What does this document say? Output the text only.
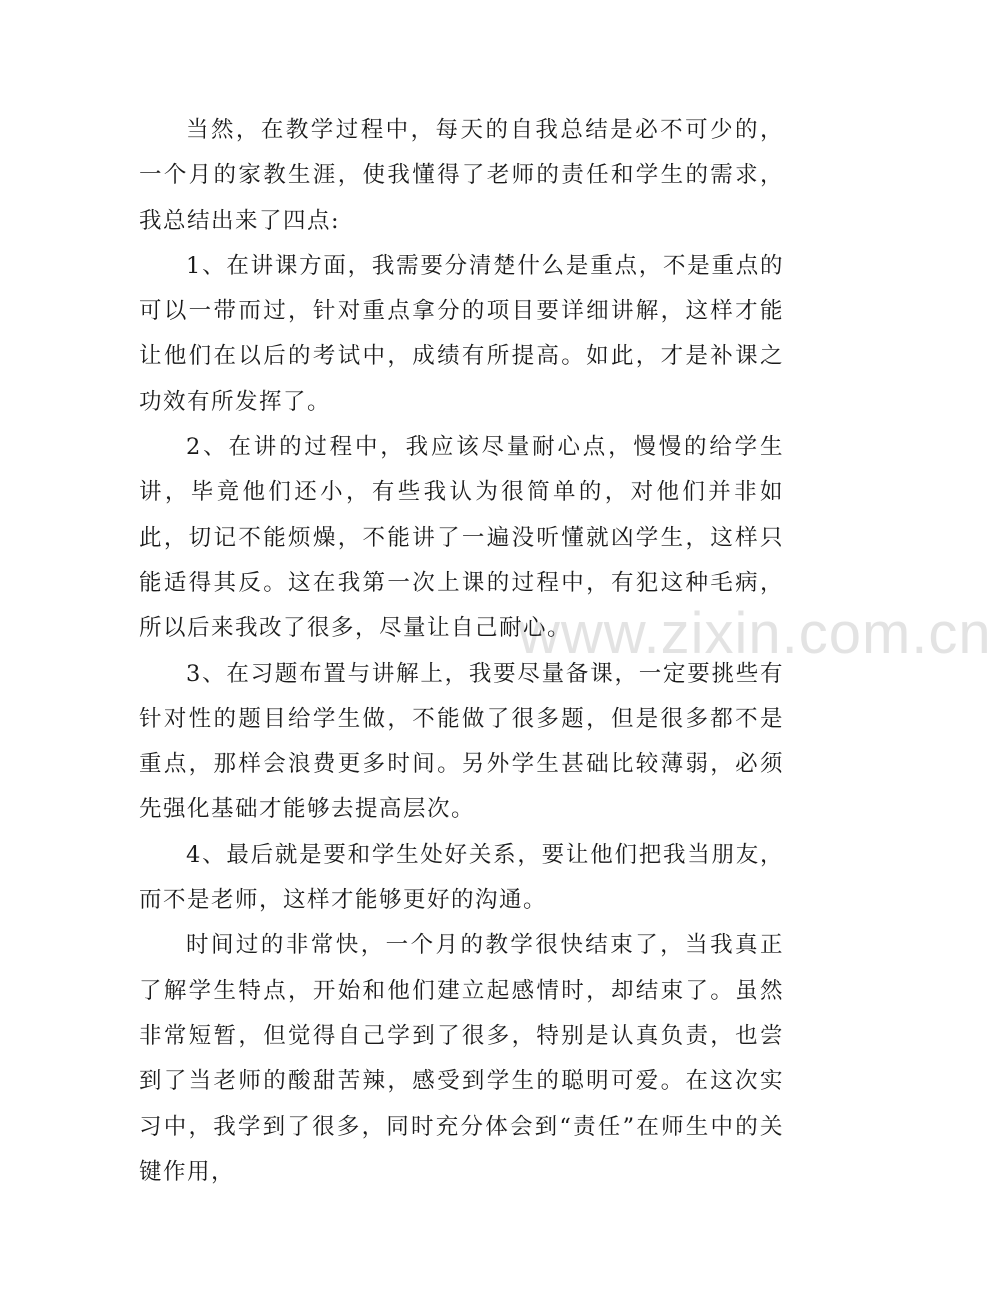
www.zixin.com.cn

当然，在教学过程中，每天的自我总结是必不可少的，一个月的家教生涯，使我懂得了老师的责任和学生的需求，我总结出来了四点:

1、在讲课方面，我需要分清楚什么是重点，不是重点的可以一带而过，针对重点拿分的项目要详细讲解，这样才能让他们在以后的考试中，成绩有所提高。如此，才是补课之功效有所发挥了。

2、在讲的过程中，我应该尽量耐心点，慢慢的给学生讲，毕竟他们还小，有些我认为很简单的，对他们并非如此，切记不能烦燥，不能讲了一遍没听懂就凶学生，这样只能适得其反。这在我第一次上课的过程中，有犯这种毛病，所以后来我改了很多，尽量让自己耐心。

3、在习题布置与讲解上，我要尽量备课，一定要挑些有针对性的题目给学生做，不能做了很多题，但是很多都不是重点，那样会浪费更多时间。另外学生甚础比较薄弱，必须先强化基础才能够去提高层次。

4、最后就是要和学生处好关系，要让他们把我当朋友，而不是老师，这样才能够更好的沟通。

时间过的非常快，一个月的教学很快结束了，当我真正了解学生特点，开始和他们建立起感情时，却结束了。虽然非常短暂，但觉得自己学到了很多，特别是认真负责，也尝到了当老师的酸甜苦辣，感受到学生的聪明可爱。在这次实习中，我学到了很多，同时充分体会到“责任”在师生中的关键作用，
